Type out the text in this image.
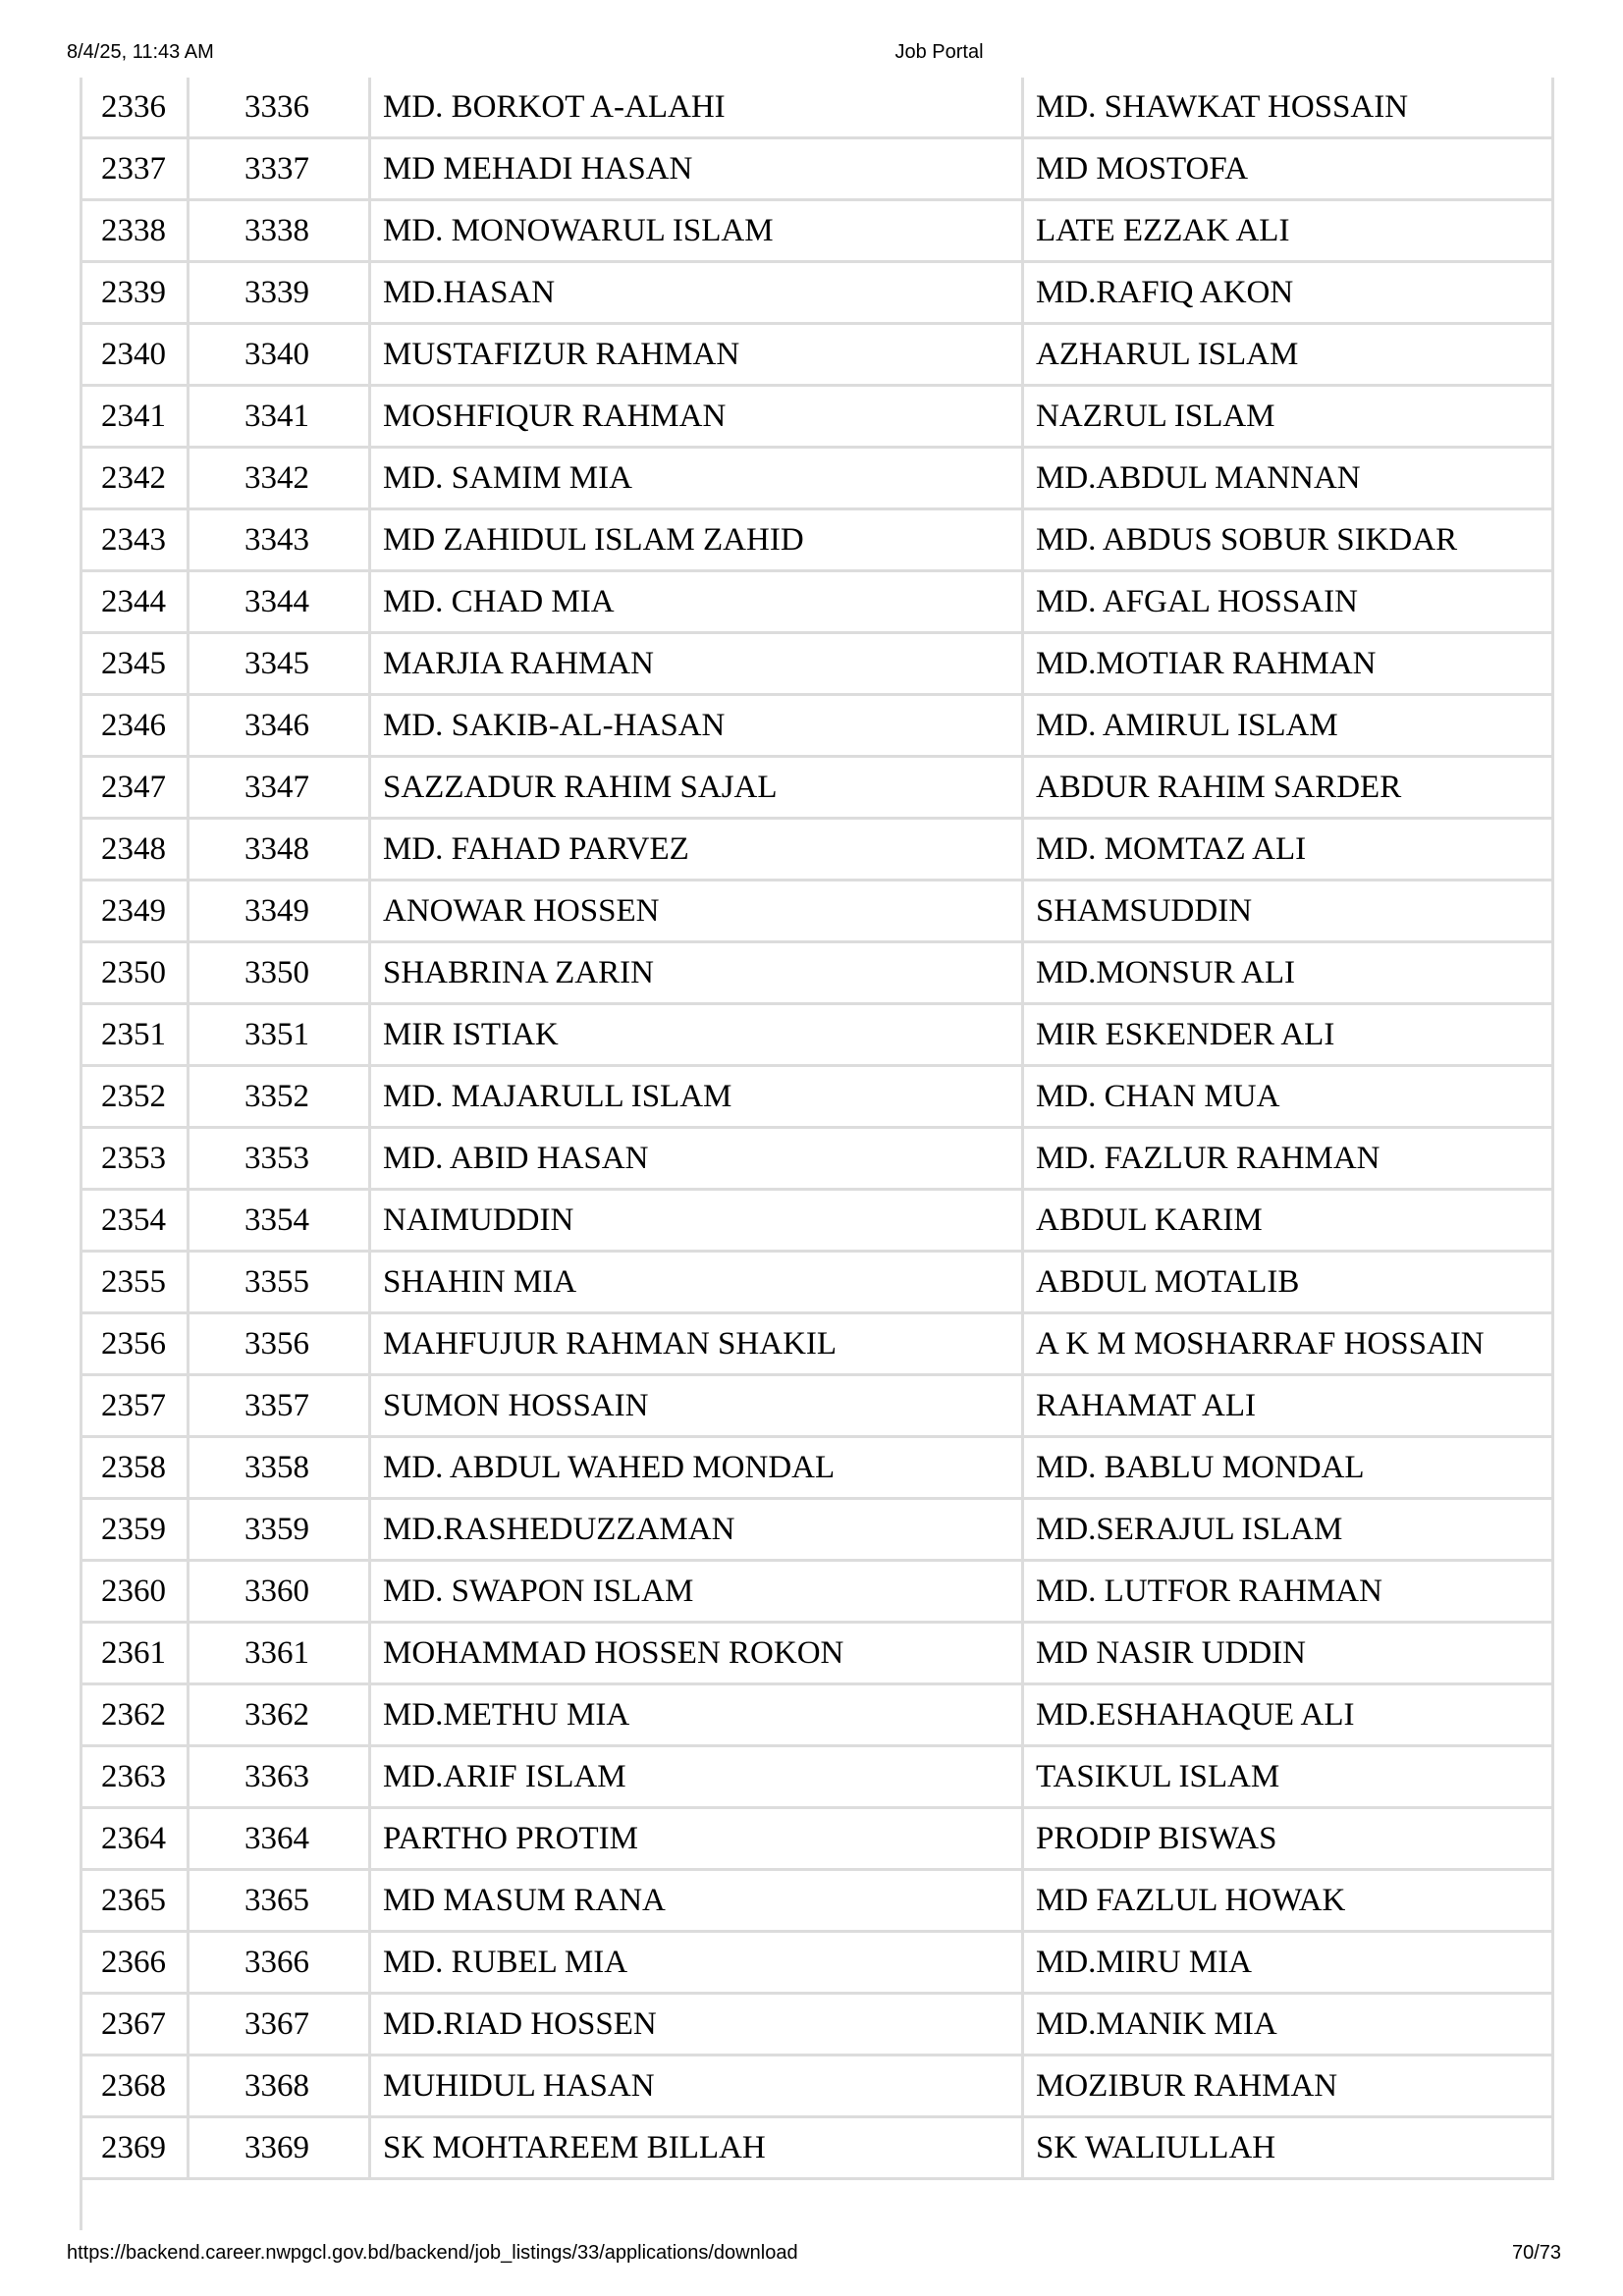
8/4/25, 11:43 AM	Job Portal
2336	3336	MD. BORKOT A-ALAHI	MD. SHAWKAT HOSSAIN
2337	3337	MD MEHADI HASAN	MD MOSTOFA
2338	3338	MD. MONOWARUL ISLAM	LATE EZZAK ALI
2339	3339	MD.HASAN	MD.RAFIQ AKON
2340	3340	MUSTAFIZUR RAHMAN	AZHARUL ISLAM
2341	3341	MOSHFIQUR RAHMAN	NAZRUL ISLAM
2342	3342	MD. SAMIM MIA	MD.ABDUL MANNAN
2343	3343	MD ZAHIDUL ISLAM ZAHID	MD. ABDUS SOBUR SIKDAR
2344	3344	MD. CHAD MIA	MD. AFGAL HOSSAIN
2345	3345	MARJIA RAHMAN	MD.MOTIAR RAHMAN
2346	3346	MD. SAKIB-AL-HASAN	MD. AMIRUL ISLAM
2347	3347	SAZZADUR RAHIM SAJAL	ABDUR RAHIM SARDER
2348	3348	MD. FAHAD PARVEZ	MD. MOMTAZ ALI
2349	3349	ANOWAR HOSSEN	SHAMSUDDIN
2350	3350	SHABRINA ZARIN	MD.MONSUR ALI
2351	3351	MIR ISTIAK	MIR ESKENDER ALI
2352	3352	MD. MAJARULL ISLAM	MD. CHAN MUA
2353	3353	MD. ABID HASAN	MD. FAZLUR RAHMAN
2354	3354	NAIMUDDIN	ABDUL KARIM
2355	3355	SHAHIN MIA	ABDUL MOTALIB
2356	3356	MAHFUJUR RAHMAN SHAKIL	A K M MOSHARRAF HOSSAIN
2357	3357	SUMON HOSSAIN	RAHAMAT ALI
2358	3358	MD. ABDUL WAHED MONDAL	MD. BABLU MONDAL
2359	3359	MD.RASHEDUZZAMAN	MD.SERAJUL ISLAM
2360	3360	MD. SWAPON ISLAM	MD. LUTFOR RAHMAN
2361	3361	MOHAMMAD HOSSEN ROKON	MD NASIR UDDIN
2362	3362	MD.METHU MIA	MD.ESHAHAQUE ALI
2363	3363	MD.ARIF ISLAM	TASIKUL ISLAM
2364	3364	PARTHO PROTIM	PRODIP BISWAS
2365	3365	MD MASUM RANA	MD FAZLUL HOWAK
2366	3366	MD. RUBEL MIA	MD.MIRU MIA
2367	3367	MD.RIAD HOSSEN	MD.MANIK MIA
2368	3368	MUHIDUL HASAN	MOZIBUR RAHMAN
2369	3369	SK MOHTAREEM BILLAH	SK WALIULLAH
https://backend.career.nwpgcl.gov.bd/backend/job_listings/33/applications/download	70/73
